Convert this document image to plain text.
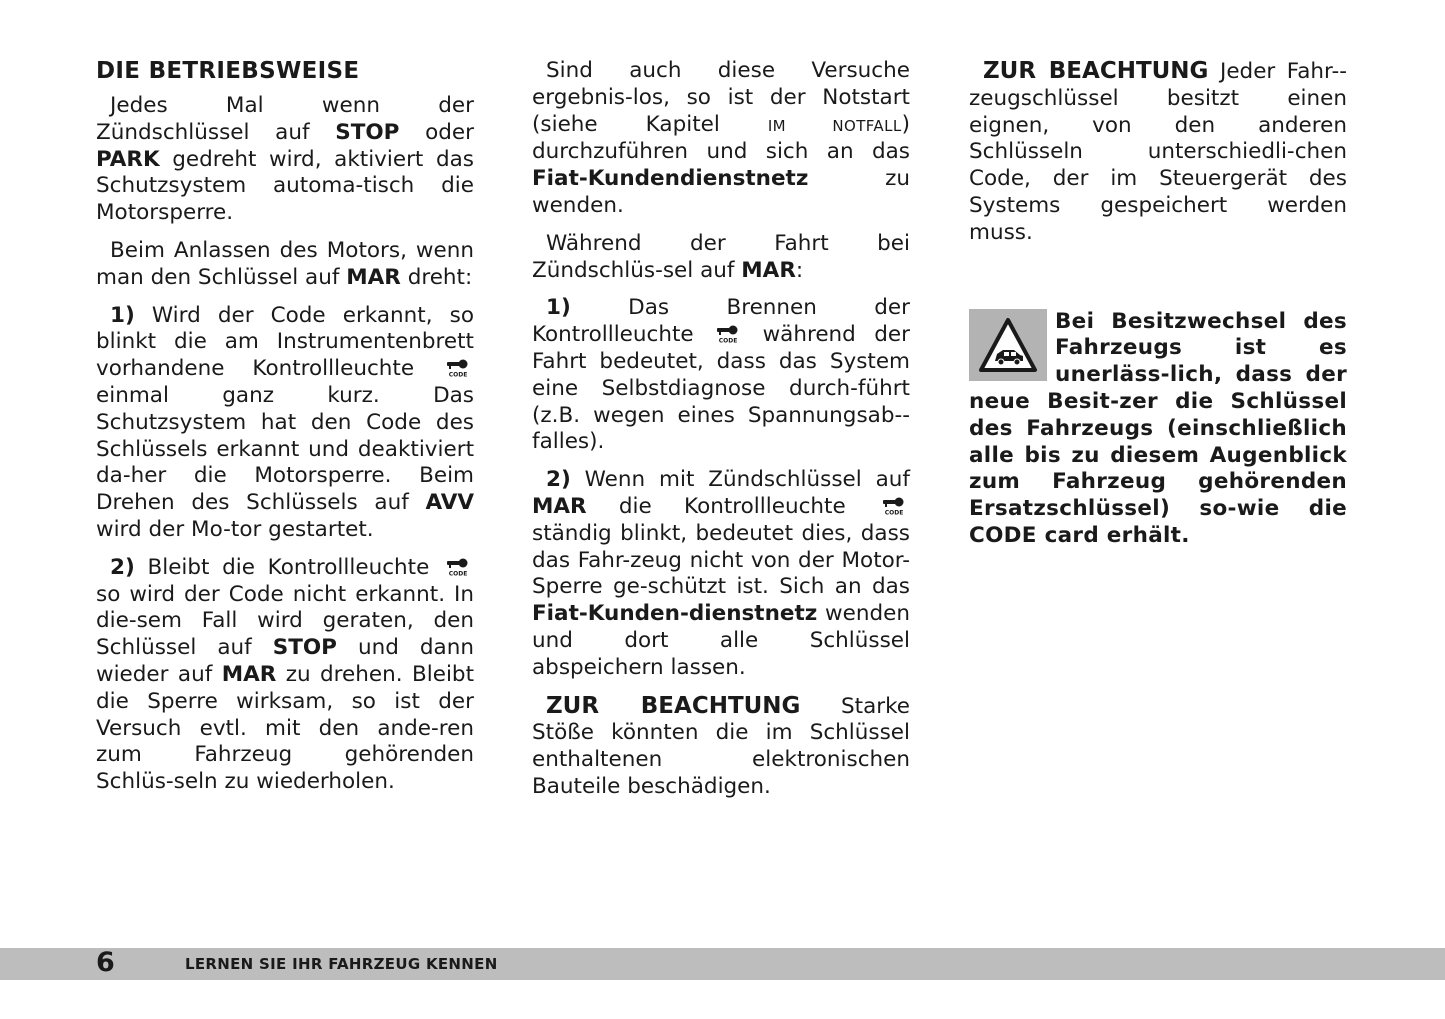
DIE BETRIEBSWEISE

Jedes Mal wenn der Zündschlüssel auf STOP oder PARK gedreht wird, aktiviert das Schutzsystem automa-tisch die Motorsperre.

Beim Anlassen des Motors, wenn man den Schlüssel auf MAR dreht:

1) Wird der Code erkannt, so blinkt die am Instrumentenbrett vorhandene Kontrollleuchte	CODE
einmal ganz kurz. Das Schutzsystem hat den Code des Schlüssels erkannt und deaktiviert da-her die Motorsperre. Beim Drehen des Schlüssels auf AVV wird der Mo-tor gestartet.

2) Bleibt die Kontrollleuchte	CODE
so wird der Code nicht erkannt. In die-sem Fall wird geraten, den Schlüssel auf STOP und dann wieder auf MAR zu drehen. Bleibt die Sperre wirksam, so ist der Versuch evtl. mit den ande-ren zum Fahrzeug gehörenden Schlüs-seln zu wiederholen.

Sind auch diese Versuche ergebnis-los, so ist der Notstart (siehe Kapitel IM NOTFALL) durchzuführen und sich an das Fiat-Kundendienstnetz zu wenden.

Während der Fahrt bei Zündschlüs-sel auf MAR:

1) Das Brennen der Kontrollleuchte	CODE während der Fahrt bedeutet, dass das System eine Selbstdiagnose durch-führt (z.B. wegen eines Spannungsab-falles).

2) Wenn mit Zündschlüssel auf MAR die Kontrollleuchte	CODE
ständig blinkt, bedeutet dies, dass das Fahr-zeug nicht von der Motor-Sperre ge-schützt ist. Sich an das Fiat-Kunden-dienstnetz wenden und dort alle Schlüssel abspeichern lassen.

ZUR BEACHTUNG Starke Stöße könnten die im Schlüssel enthaltenen elektronischen Bauteile beschädigen.

ZUR BEACHTUNG Jeder Fahr-zeugschlüssel besitzt einen eignen, von den anderen Schlüsseln unterschiedli-chen Code, der im Steuergerät des Systems gespeichert werden muss.

Bei Besitzwechsel des Fahrzeugs ist es unerläss-lich, dass der neue Besit-zer die Schlüssel des Fahrzeugs (einschließlich alle bis zu diesem Augenblick zum Fahrzeug gehörenden Ersatzschlüssel) so-wie die CODE card erhält.
6	LERNEN SIE IHR FAHRZEUG KENNEN
